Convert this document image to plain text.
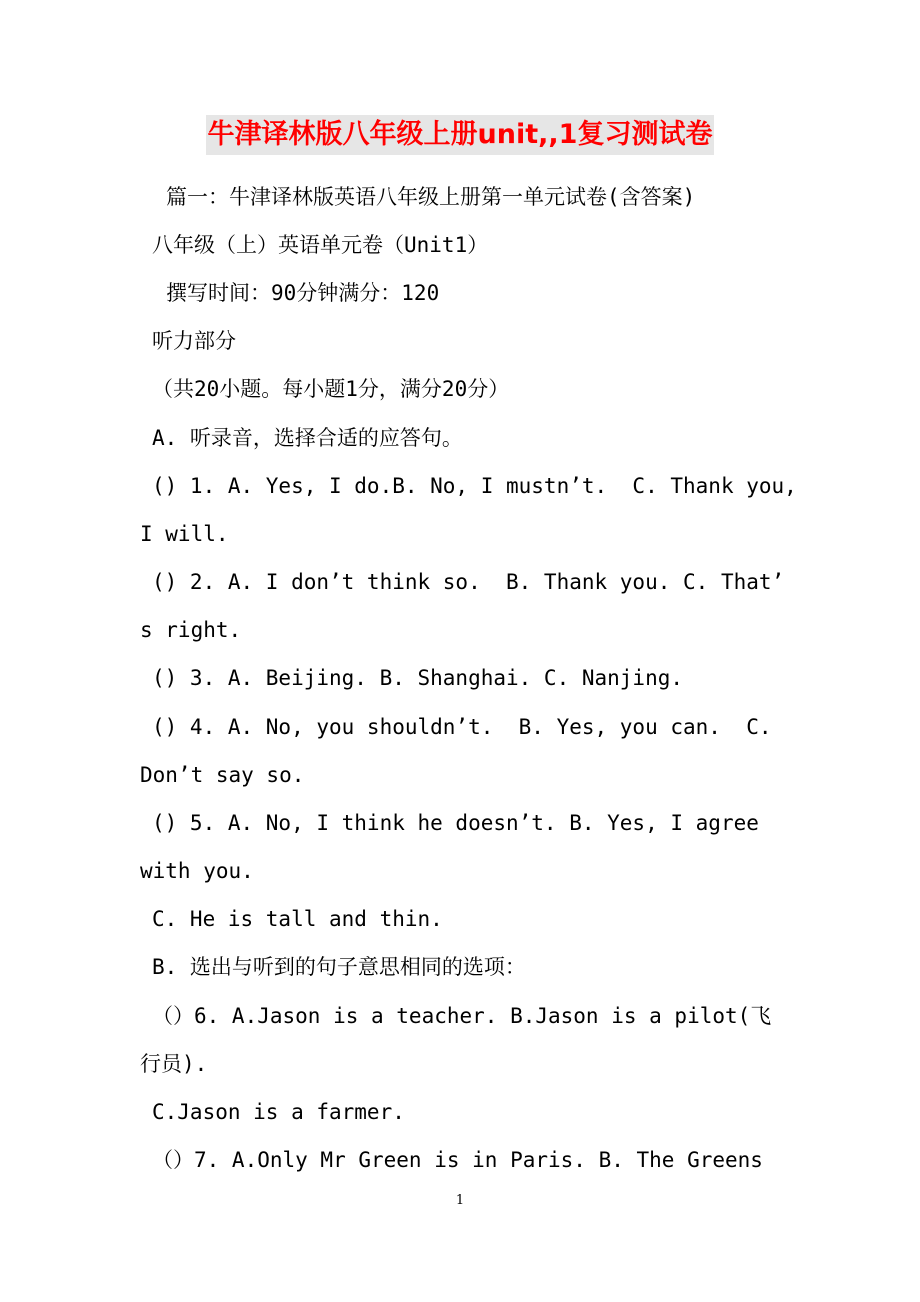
牛津译林版八年级上册unit,,1复习测试卷
篇一：牛津译林版英语八年级上册第一单元试卷(含答案)
八年级（上）英语单元卷（Unit1）
撰写时间：90分钟满分：120
听力部分
（共20小题。每小题1分，满分20分）
A. 听录音，选择合适的应答句。
() 1. A. Yes, I do.B. No, I mustn’t.  C. Thank you,
I will.
() 2. A. I don’t think so.  B. Thank you. C. That’
s right.
() 3. A. Beijing. B. Shanghai. C. Nanjing.
() 4. A. No, you shouldn’t.  B. Yes, you can.  C.
Don’t say so.
() 5. A. No, I think he doesn’t. B. Yes, I agree
with you.
C. He is tall and thin.
B. 选出与听到的句子意思相同的选项：
（）6. A.Jason is a teacher. B.Jason is a pilot(飞
行员).
C.Jason is a farmer.
（）7. A.Only Mr Green is in Paris. B. The Greens
1
